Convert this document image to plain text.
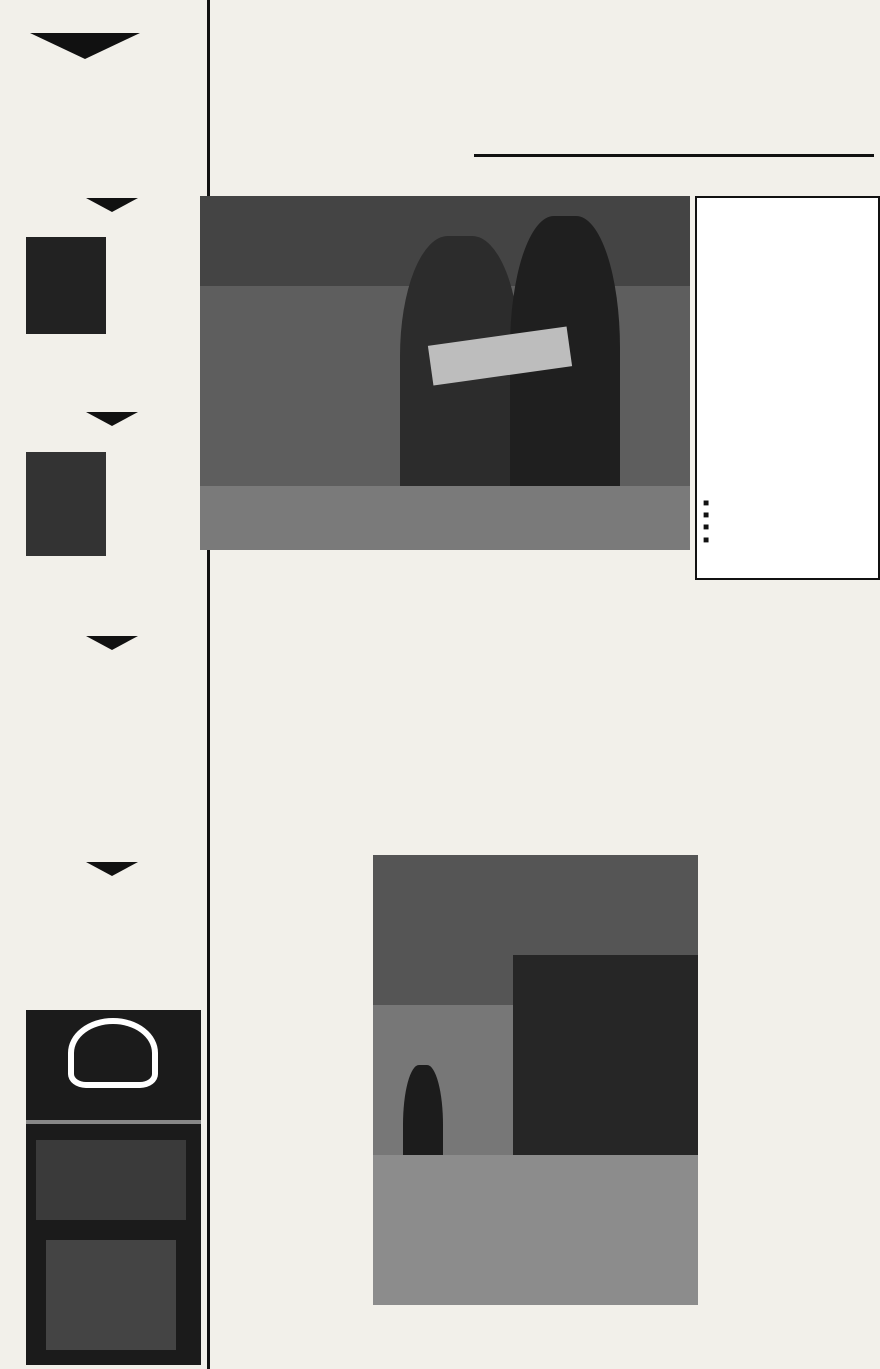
■
■
■
■
